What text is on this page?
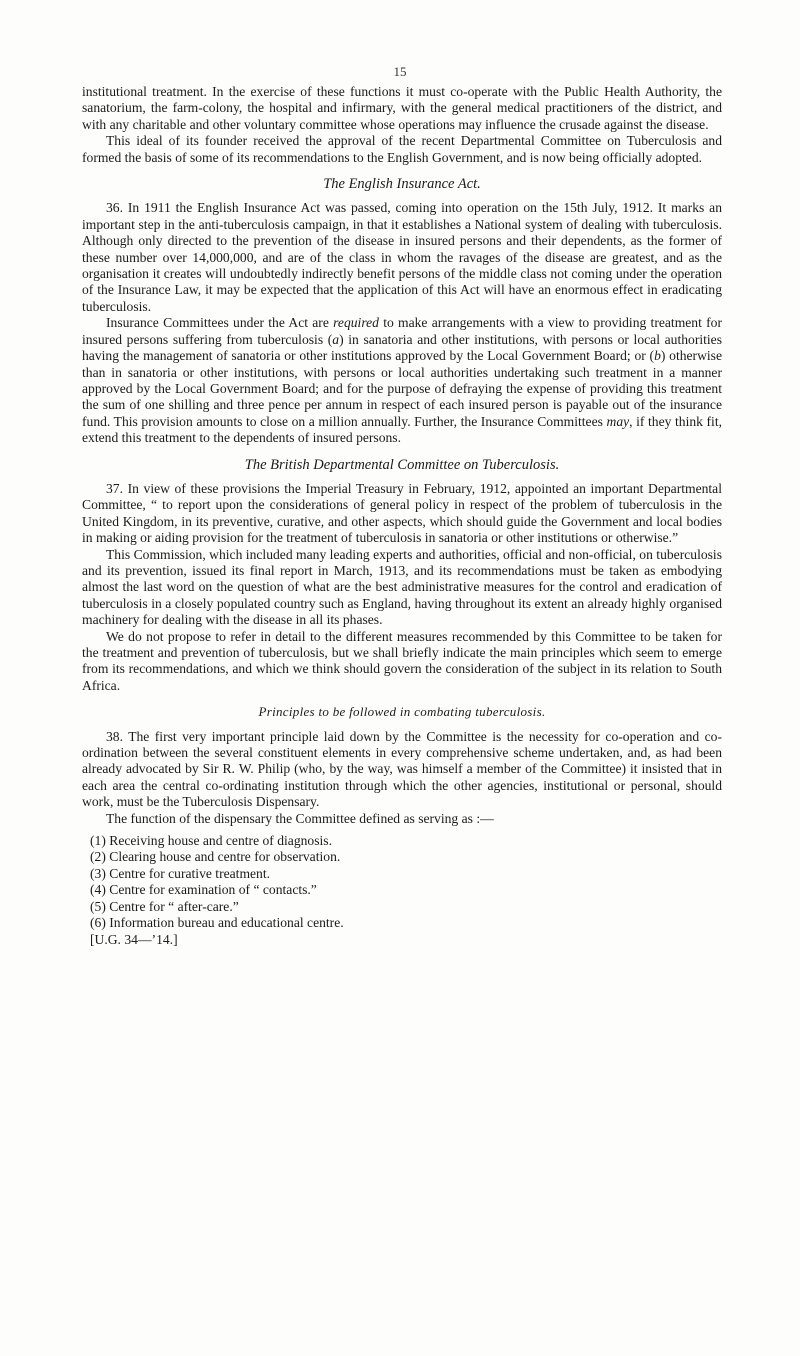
15

institutional treatment. In the exercise of these functions it must co-operate with the Public Health Authority, the sanatorium, the farm-colony, the hospital and infirmary, with the general medical practitioners of the district, and with any charitable and other voluntary committee whose operations may influence the crusade against the disease.

This ideal of its founder received the approval of the recent Departmental Committee on Tuberculosis and formed the basis of some of its recommendations to the English Government, and is now being officially adopted.

The English Insurance Act.

36. In 1911 the English Insurance Act was passed, coming into operation on the 15th July, 1912. It marks an important step in the anti-tuberculosis campaign, in that it establishes a National system of dealing with tuberculosis. Although only directed to the prevention of the disease in insured persons and their dependents, as the former of these number over 14,000,000, and are of the class in whom the ravages of the disease are greatest, and as the organisation it creates will undoubtedly indirectly benefit persons of the middle class not coming under the operation of the Insurance Law, it may be expected that the application of this Act will have an enormous effect in eradicating tuberculosis.

Insurance Committees under the Act are required to make arrangements with a view to providing treatment for insured persons suffering from tuberculosis (a) in sanatoria and other institutions, with persons or local authorities having the management of sanatoria or other institutions approved by the Local Government Board; or (b) otherwise than in sanatoria or other institutions, with persons or local authorities undertaking such treatment in a manner approved by the Local Government Board; and for the purpose of defraying the expense of providing this treatment the sum of one shilling and three pence per annum in respect of each insured person is payable out of the insurance fund. This provision amounts to close on a million annually. Further, the Insurance Committees may, if they think fit, extend this treatment to the dependents of insured persons.

The British Departmental Committee on Tuberculosis.

37. In view of these provisions the Imperial Treasury in February, 1912, appointed an important Departmental Committee, “ to report upon the considerations of general policy in respect of the problem of tuberculosis in the United Kingdom, in its preventive, curative, and other aspects, which should guide the Government and local bodies in making or aiding provision for the treatment of tuberculosis in sanatoria or other institutions or otherwise.”

This Commission, which included many leading experts and authorities, official and non-official, on tuberculosis and its prevention, issued its final report in March, 1913, and its recommendations must be taken as embodying almost the last word on the question of what are the best administrative measures for the control and eradication of tuberculosis in a closely populated country such as England, having throughout its extent an already highly organised machinery for dealing with the disease in all its phases.

We do not propose to refer in detail to the different measures recommended by this Committee to be taken for the treatment and prevention of tuberculosis, but we shall briefly indicate the main principles which seem to emerge from its recommendations, and which we think should govern the consideration of the subject in its relation to South Africa.

Principles to be followed in combating tuberculosis.

38. The first very important principle laid down by the Committee is the necessity for co-operation and co-ordination between the several constituent elements in every comprehensive scheme undertaken, and, as had been already advocated by Sir R. W. Philip (who, by the way, was himself a member of the Committee) it insisted that in each area the central co-ordinating institution through which the other agencies, institutional or personal, should work, must be the Tuberculosis Dispensary.

The function of the dispensary the Committee defined as serving as :—

(1) Receiving house and centre of diagnosis.
(2) Clearing house and centre for observation.
(3) Centre for curative treatment.
(4) Centre for examination of “ contacts.”
(5) Centre for “ after-care.”
(6) Information bureau and educational centre.
[U.G. 34—’14.]
